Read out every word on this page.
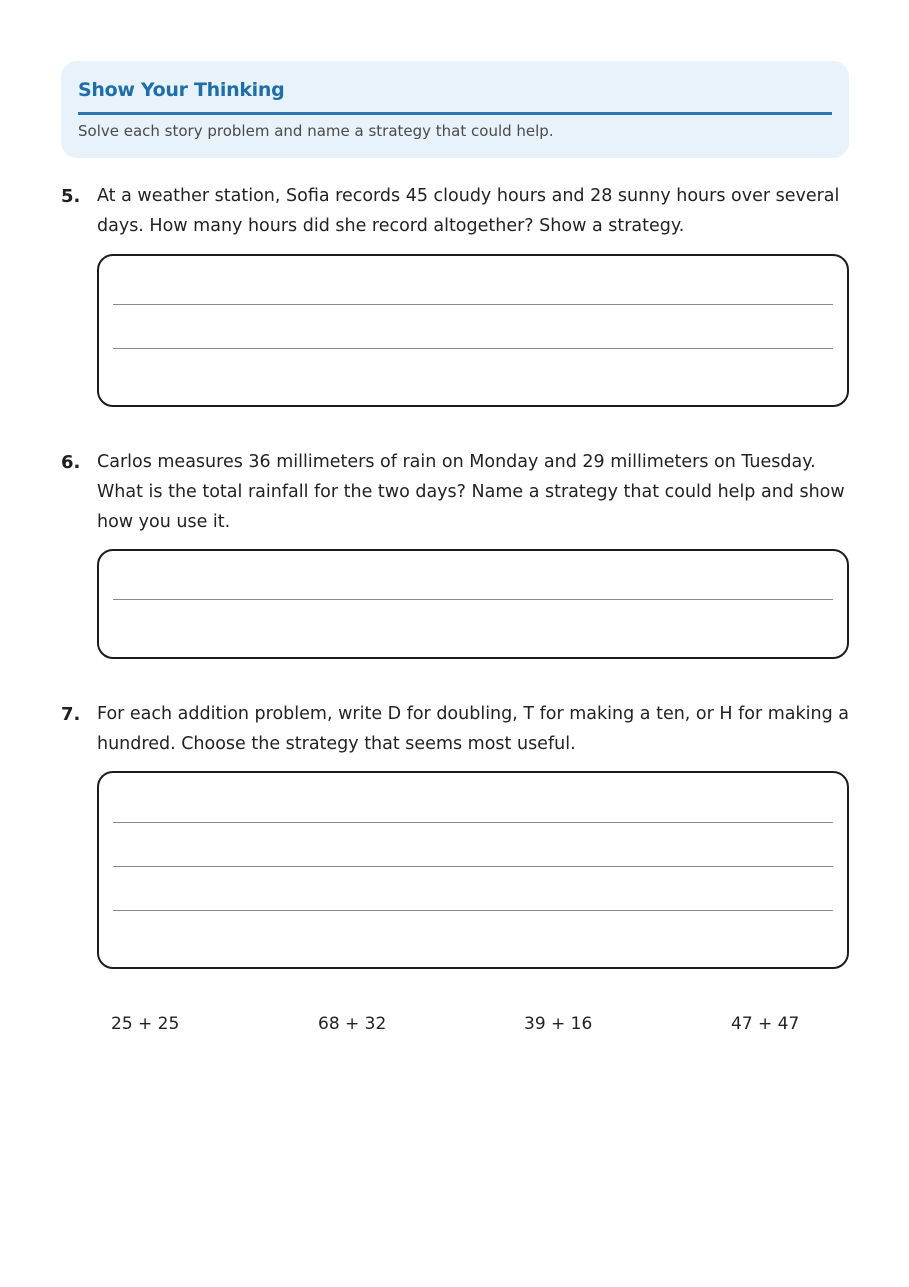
Show Your Thinking
Solve each story problem and name a strategy that could help.
5. At a weather station, Sofia records 45 cloudy hours and 28 sunny hours over several days. How many hours did she record altogether? Show a strategy.
6. Carlos measures 36 millimeters of rain on Monday and 29 millimeters on Tuesday. What is the total rainfall for the two days? Name a strategy that could help and show how you use it.
7. For each addition problem, write D for doubling, T for making a ten, or H for making a hundred. Choose the strategy that seems most useful.
25 + 25	68 + 32	39 + 16	47 + 47
